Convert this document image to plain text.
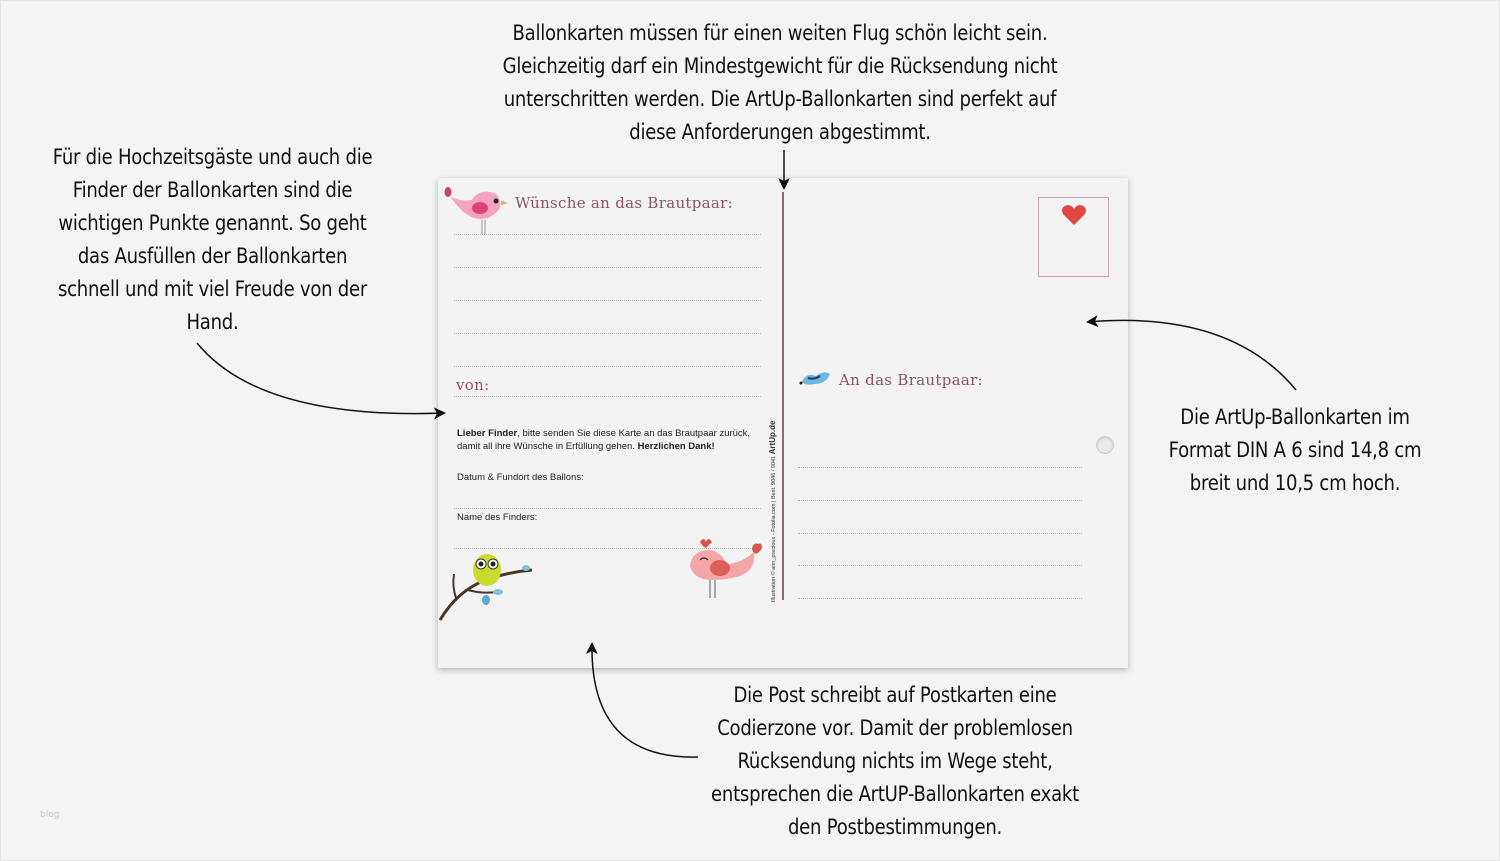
Ballonkarten müssen für einen weiten Flug schön leicht sein. Gleichzeitig darf ein Mindestgewicht für die Rücksendung nicht unterschritten werden. Die ArtUp-Ballonkarten sind perfekt auf diese Anforderungen abgestimmt.
Für die Hochzeitsgäste und auch die Finder der Ballonkarten sind die wichtigen Punkte genannt. So geht das Ausfüllen der Ballonkarten schnell und mit viel Freude von der Hand.
Die ArtUp-Ballonkarten im Format DIN A 6 sind 14,8 cm breit und 10,5 cm hoch.
Die Post schreibt auf Postkarten eine Codierzone vor. Damit der problemlosen Rücksendung nichts im Wege steht, entsprechen die ArtUP-Ballonkarten exakt den Postbestimmungen.
Wünsche an das Brautpaar:
von:
Lieber Finder, bitte senden Sie diese Karte an das Brautpaar zurück, damit all ihre Wünsche in Erfüllung gehen. Herzlichen Dank!
Datum & Fundort des Ballons:
Name des Finders:	Illustration © ann_precious - Fotolia.com | Best. 9046 / 9041 ArtUp.de
An das Brautpaar:
blog
